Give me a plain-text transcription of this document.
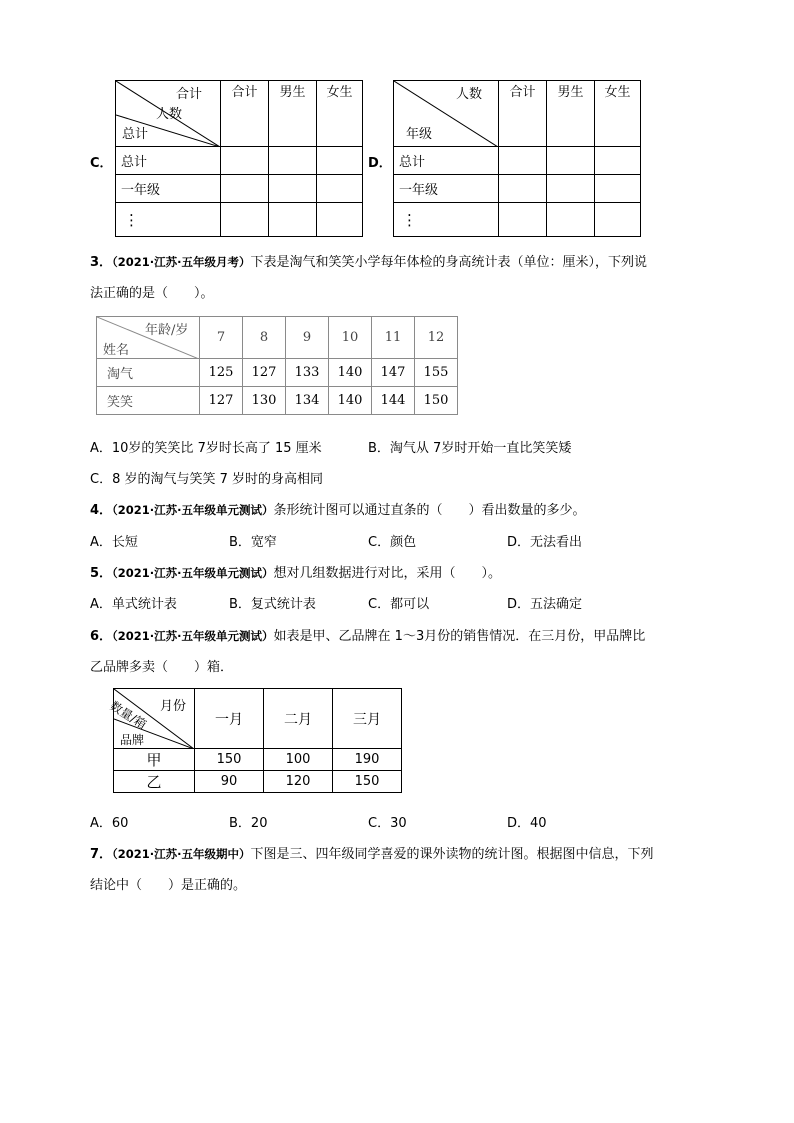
C．
合计
人数
总计	合计	男生	女生
总计			
一年级			
⋮			
D．
人数
年级	合计	男生	女生
总计			
一年级			
⋮			
3．（2021·江苏·五年级月考）下表是淘气和笑笑小学每年体检的身高统计表（单位：厘米），下列说
法正确的是（　　）。
年龄/岁
姓名	7	8	9	10	11	12
淘气	125	127	133	140	147	155
笑笑	127	130	134	140	144	150
A．10岁的笑笑比 7岁时长高了 15 厘米	B．淘气从 7岁时开始一直比笑笑矮
C．8 岁的淘气与笑笑 7 岁时的身高相同
4．（2021·江苏·五年级单元测试）条形统计图可以通过直条的（　　）看出数量的多少。
A．长短	B．宽窄	C．颜色	D．无法看出
5．（2021·江苏·五年级单元测试）想对几组数据进行对比，采用（　　）。
A．单式统计表	B．复式统计表	C．都可以	D．五法确定
6．（2021·江苏·五年级单元测试）如表是甲、乙品牌在 1～3月份的销售情况．在三月份，甲品牌比
乙品牌多卖（　　）箱．
月份
数量/箱
品牌	一月	二月	三月
甲	150	100	190
乙	90	120	150
A．60	B．20	C．30	D．40
7．（2021·江苏·五年级期中）下图是三、四年级同学喜爱的课外读物的统计图。根据图中信息，下列
结论中（　　）是正确的。
